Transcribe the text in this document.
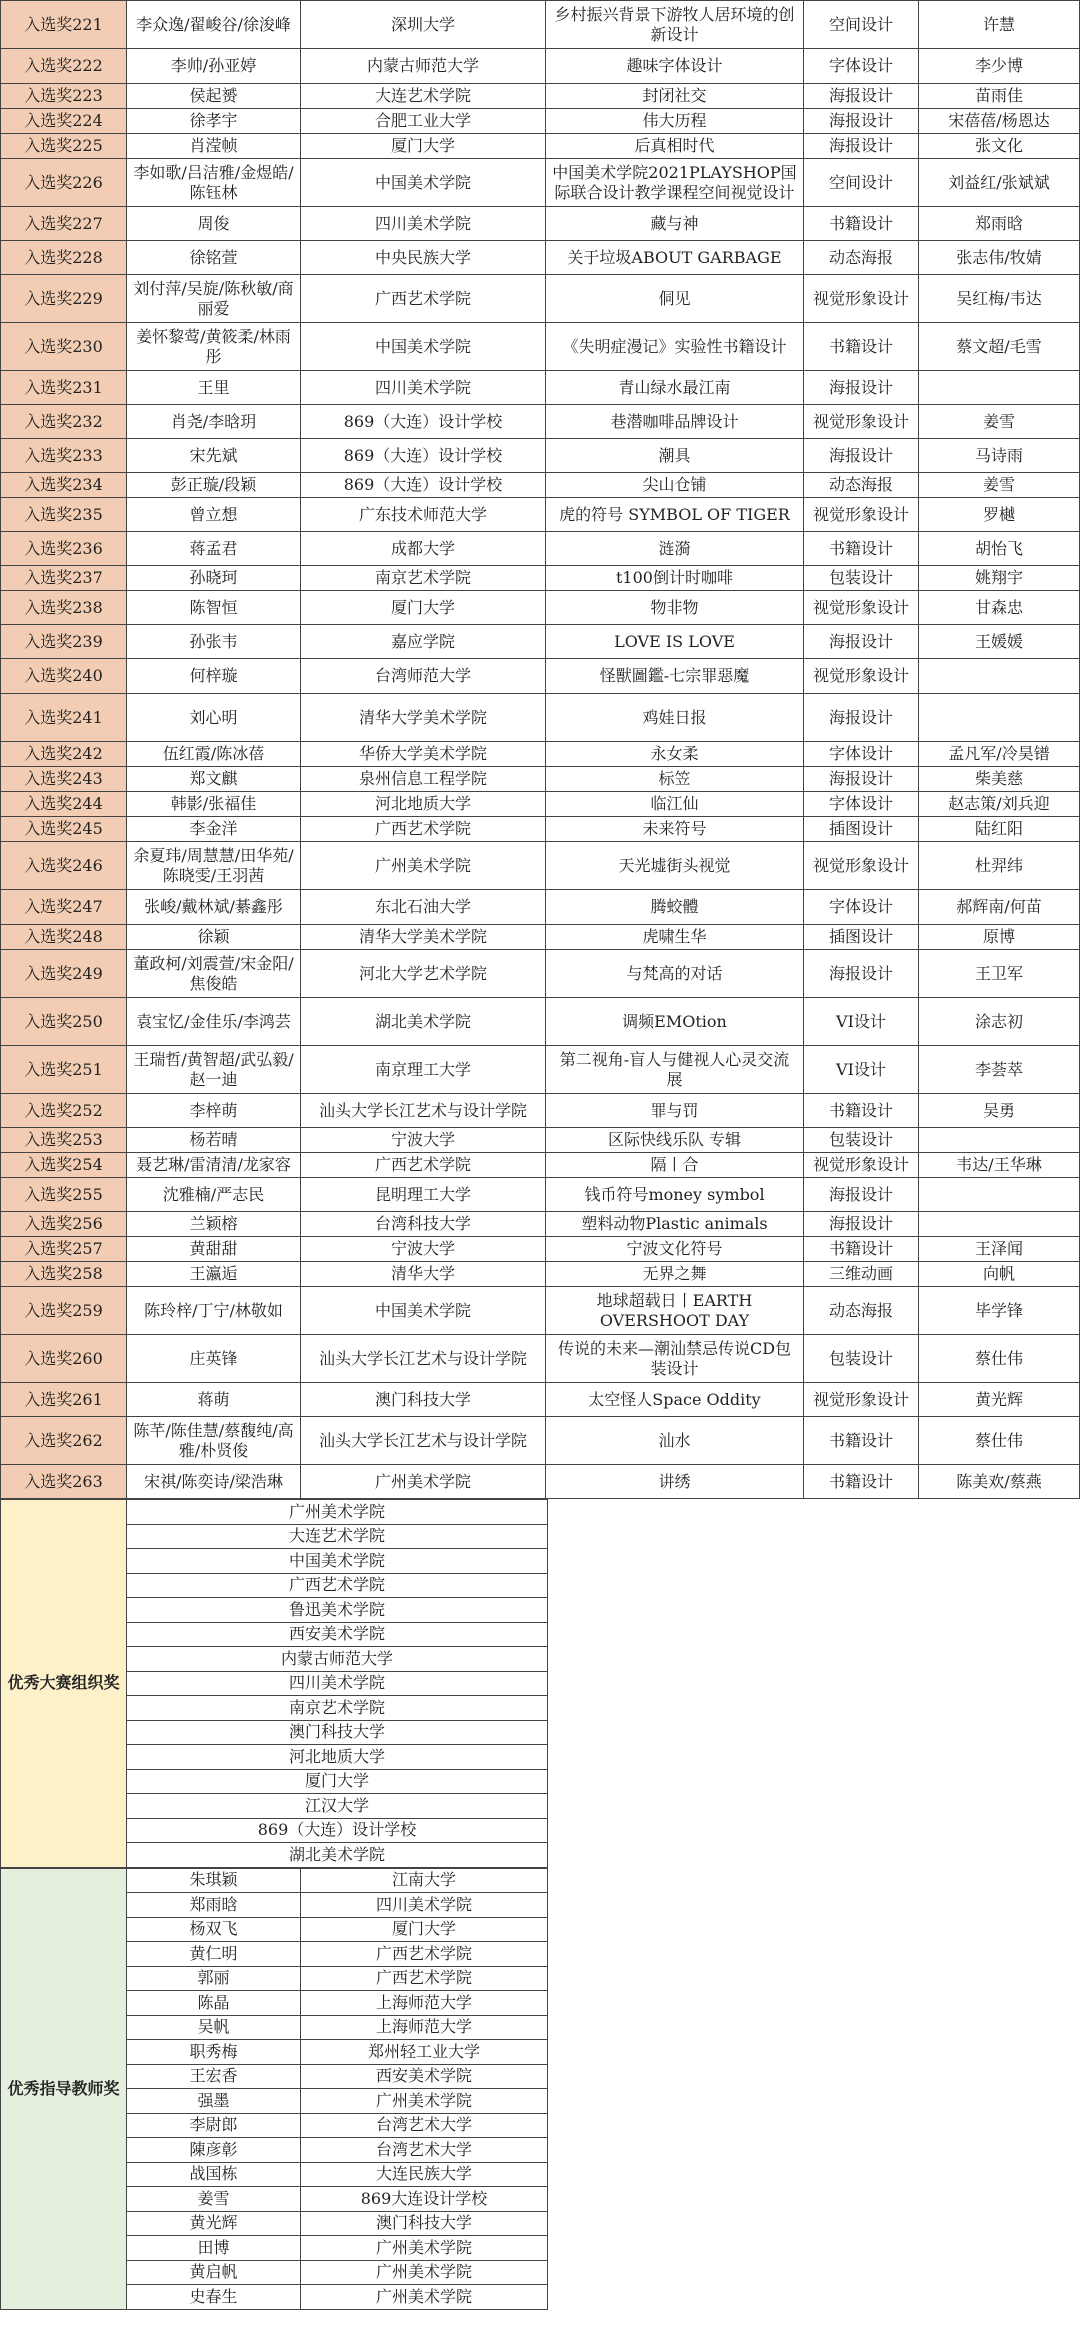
入选奖221	李众逸/翟峻谷/徐浚峰	深圳大学	乡村振兴背景下游牧人居环境的创新设计	空间设计	许慧
入选奖222	李帅/孙亚婷	内蒙古师范大学	趣味字体设计	字体设计	李少博
入选奖223	侯起赟	大连艺术学院	封闭社交	海报设计	苗雨佳
入选奖224	徐孝宇	合肥工业大学	伟大历程	海报设计	宋蓓蓓/杨恩达
入选奖225	肖滢帧	厦门大学	后真相时代	海报设计	张文化
入选奖226	李如歌/吕洁雅/金煜皓/陈钰林	中国美术学院	中国美术学院2021PLAYSHOP国际联合设计教学课程空间视觉设计	空间设计	刘益红/张斌斌
入选奖227	周俊	四川美术学院	藏与神	书籍设计	郑雨晗
入选奖228	徐铭萱	中央民族大学	关于垃圾ABOUT GARBAGE	动态海报	张志伟/牧婧
入选奖229	刘付萍/吴旋/陈秋敏/商丽爱	广西艺术学院	侗见	视觉形象设计	吴红梅/韦达
入选奖230	姜怀黎莺/黄筱柔/林雨彤	中国美术学院	《失明症漫记》实验性书籍设计	书籍设计	蔡文超/毛雪
入选奖231	王里	四川美术学院	青山绿水最江南	海报设计	
入选奖232	肖尧/李晗玥	869（大连）设计学校	巷潜咖啡品牌设计	视觉形象设计	姜雪
入选奖233	宋先斌	869（大连）设计学校	潮具	海报设计	马诗雨
入选奖234	彭正璇/段颖	869（大连）设计学校	尖山仓铺	动态海报	姜雪
入选奖235	曾立想	广东技术师范大学	虎的符号 SYMBOL OF TIGER	视觉形象设计	罗樾
入选奖236	蒋孟君	成都大学	涟漪	书籍设计	胡怡飞
入选奖237	孙晓珂	南京艺术学院	t100倒计时咖啡	包装设计	姚翔宇
入选奖238	陈智恒	厦门大学	物非物	视觉形象设计	甘森忠
入选奖239	孙张韦	嘉应学院	LOVE IS LOVE	海报设计	王媛媛
入选奖240	何梓璇	台湾师范大学	怪獸圖鑑-七宗罪惡魔	视觉形象设计	
入选奖241	刘心明	清华大学美术学院	鸡娃日报	海报设计	
入选奖242	伍红霞/陈冰蓓	华侨大学美术学院	永女柔	字体设计	孟凡军/冷昊镨
入选奖243	郑文麒	泉州信息工程学院	标笠	海报设计	柴美慈
入选奖244	韩影/张福佳	河北地质大学	临江仙	字体设计	赵志策/刘兵迎
入选奖245	李金洋	广西艺术学院	未来符号	插图设计	陆红阳
入选奖246	余夏玮/周慧慧/田华苑/陈晓雯/王羽茜	广州美术学院	天光墟街头视觉	视觉形象设计	杜羿纬
入选奖247	张峻/戴林斌/綦鑫彤	东北石油大学	腾蛟體	字体设计	郝辉南/何苗
入选奖248	徐颖	清华大学美术学院	虎啸生华	插图设计	原博
入选奖249	董政柯/刘震萱/宋金阳/焦俊皓	河北大学艺术学院	与梵高的对话	海报设计	王卫军
入选奖250	袁宝忆/金佳乐/李鸿芸	湖北美术学院	调频EMOtion	VI设计	涂志初
入选奖251	王瑞哲/黄智超/武弘毅/赵一迪	南京理工大学	第二视角-盲人与健视人心灵交流展	VI设计	李荟萃
入选奖252	李梓萌	汕头大学长江艺术与设计学院	罪与罚	书籍设计	吴勇
入选奖253	杨若晴	宁波大学	区际快线乐队 专辑	包装设计	
入选奖254	聂艺琳/雷清清/龙家容	广西艺术学院	隔丨合	视觉形象设计	韦达/王华琳
入选奖255	沈雅楠/严志民	昆明理工大学	钱币符号money symbol	海报设计	
入选奖256	兰颖榕	台湾科技大学	塑料动物Plastic animals	海报设计	
入选奖257	黄甜甜	宁波大学	宁波文化符号	书籍设计	王泽闻
入选奖258	王瀛逅	清华大学	无界之舞	三维动画	向帆
入选奖259	陈玲梓/丁宁/林敬如	中国美术学院	地球超载日丨EARTH OVERSHOOT DAY	动态海报	毕学锋
入选奖260	庄英锋	汕头大学长江艺术与设计学院	传说的未来—潮汕禁忌传说CD包装设计	包装设计	蔡仕伟
入选奖261	蒋萌	澳门科技大学	太空怪人Space Oddity	视觉形象设计	黄光辉
入选奖262	陈芊/陈佳慧/蔡馥纯/高雅/朴贤俊	汕头大学长江艺术与设计学院	汕水	书籍设计	蔡仕伟
入选奖263	宋祺/陈奕诗/梁浩琳	广州美术学院	讲绣	书籍设计	陈美欢/蔡燕
优秀大赛组织奖	广州美术学院
大连艺术学院
中国美术学院
广西艺术学院
鲁迅美术学院
西安美术学院
内蒙古师范大学
四川美术学院
南京艺术学院
澳门科技大学
河北地质大学
厦门大学
江汉大学
869（大连）设计学校
湖北美术学院
优秀指导教师奖	朱琪颖	江南大学
	郑雨晗	四川美术学院
	杨双飞	厦门大学
	黄仁明	广西艺术学院
	郭丽	广西艺术学院
	陈晶	上海师范大学
	吴帆	上海师范大学
	职秀梅	郑州轻工业大学
	王宏香	西安美术学院
	强墨	广州美术学院
	李尉郎	台湾艺术大学
	陳彦彰	台湾艺术大学
	战国栋	大连民族大学
	姜雪	869大连设计学校
	黄光辉	澳门科技大学
	田博	广州美术学院
	黄启帆	广州美术学院
	史春生	广州美术学院
